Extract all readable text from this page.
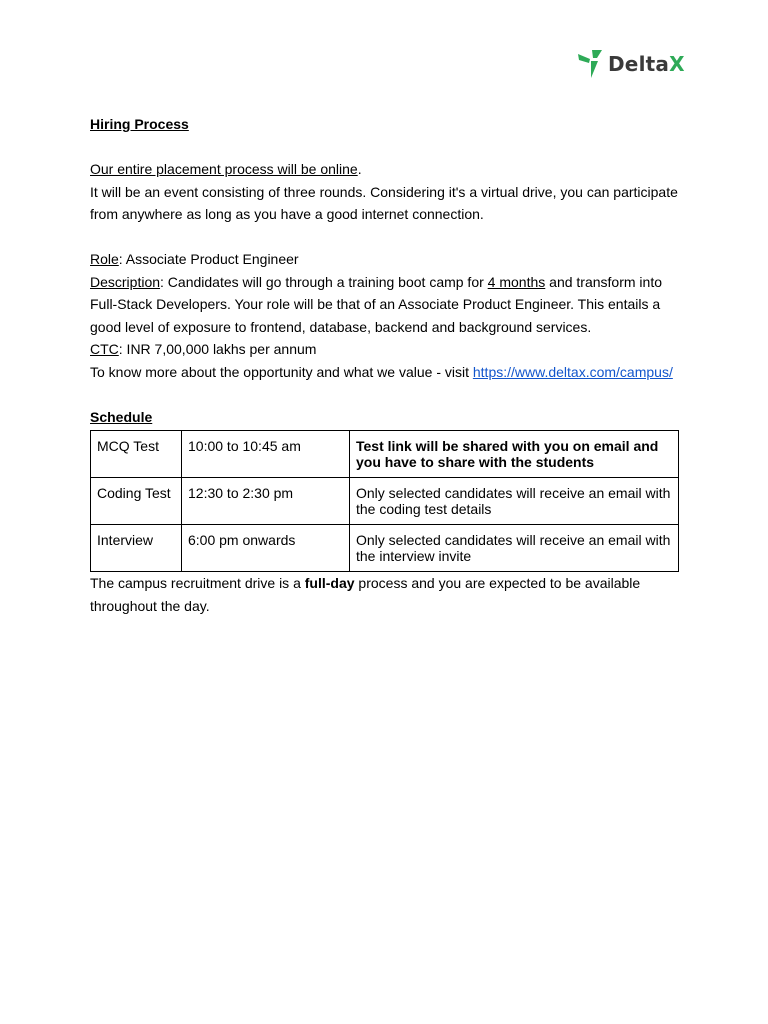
DeltaX

Hiring Process

Our entire placement process will be online.

It will be an event consisting of three rounds. Considering it's a virtual drive, you can participate from anywhere as long as you have a good internet connection.

Role: Associate Product Engineer

Description: Candidates will go through a training boot camp for 4 months and transform into Full-Stack Developers. Your role will be that of an Associate Product Engineer. This entails a good level of exposure to frontend, database, backend and background services.

CTC: INR 7,00,000 lakhs per annum

To know more about the opportunity and what we value - visit https://www.deltax.com/campus/

Schedule

MCQ Test	10:00 to 10:45 am	Test link will be shared with you on email and you have to share with the students
Coding Test	12:30 to 2:30 pm	Only selected candidates will receive an email with the coding test details
Interview	6:00 pm onwards	Only selected candidates will receive an email with the interview invite

The campus recruitment drive is a full-day process and you are expected to be available throughout the day.
